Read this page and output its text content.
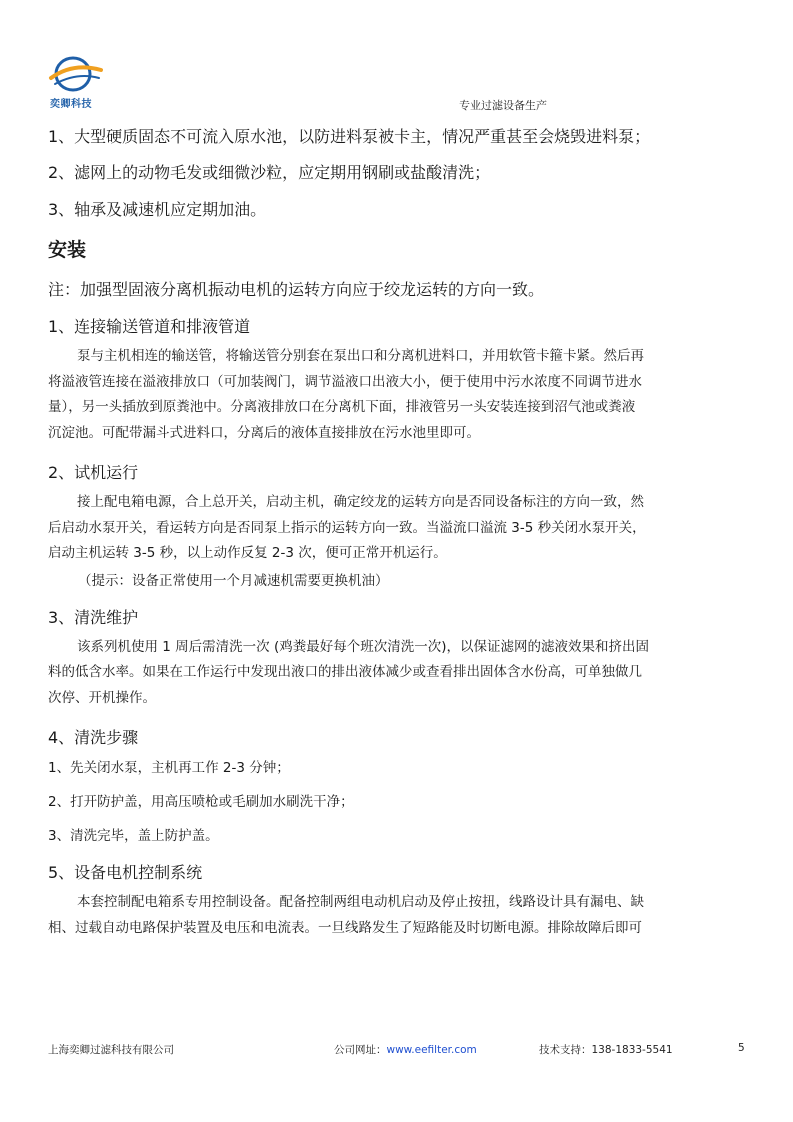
奕卿科技	专业过滤设备生产

1、大型硬质固态不可流入原水池，以防进料泵被卡主，情况严重甚至会烧毁进料泵；

2、滤网上的动物毛发或细微沙粒，应定期用钢刷或盐酸清洗；

3、轴承及减速机应定期加油。

安装

注：加强型固液分离机振动电机的运转方向应于绞龙运转的方向一致。

1、连接输送管道和排液管道

泵与主机相连的输送管，将输送管分别套在泵出口和分离机进料口，并用软管卡箍卡紧。然后再
将溢液管连接在溢液排放口（可加装阀门，调节溢液口出液大小，便于使用中污水浓度不同调节进水
量），另一头插放到原粪池中。分离液排放口在分离机下面，排液管另一头安装连接到沼气池或粪液
沉淀池。可配带漏斗式进料口，分离后的液体直接排放在污水池里即可。

2、试机运行

接上配电箱电源，合上总开关，启动主机，确定绞龙的运转方向是否同设备标注的方向一致，然
后启动水泵开关，看运转方向是否同泵上指示的运转方向一致。当溢流口溢流 3-5 秒关闭水泵开关，
启动主机运转 3-5 秒，以上动作反复 2-3 次，便可正常开机运行。

（提示：设备正常使用一个月减速机需要更换机油）

3、清洗维护

该系列机使用 1 周后需清洗一次 (鸡粪最好每个班次清洗一次)，以保证滤网的滤液效果和挤出固
料的低含水率。如果在工作运行中发现出液口的排出液体减少或查看排出固体含水份高，可单独做几
次停、开机操作。

4、清洗步骤

1、先关闭水泵，主机再工作 2-3 分钟；

2、打开防护盖，用高压喷枪或毛刷加水刷洗干净；

3、清洗完毕，盖上防护盖。

5、设备电机控制系统

本套控制配电箱系专用控制设备。配备控制两组电动机启动及停止按扭，线路设计具有漏电、缺
相、过载自动电路保护装置及电压和电流表。一旦线路发生了短路能及时切断电源。排除故障后即可
上海奕卿过滤科技有限公司	公司网址：www.eefilter.com	技术支持：138-1833-5541	5
